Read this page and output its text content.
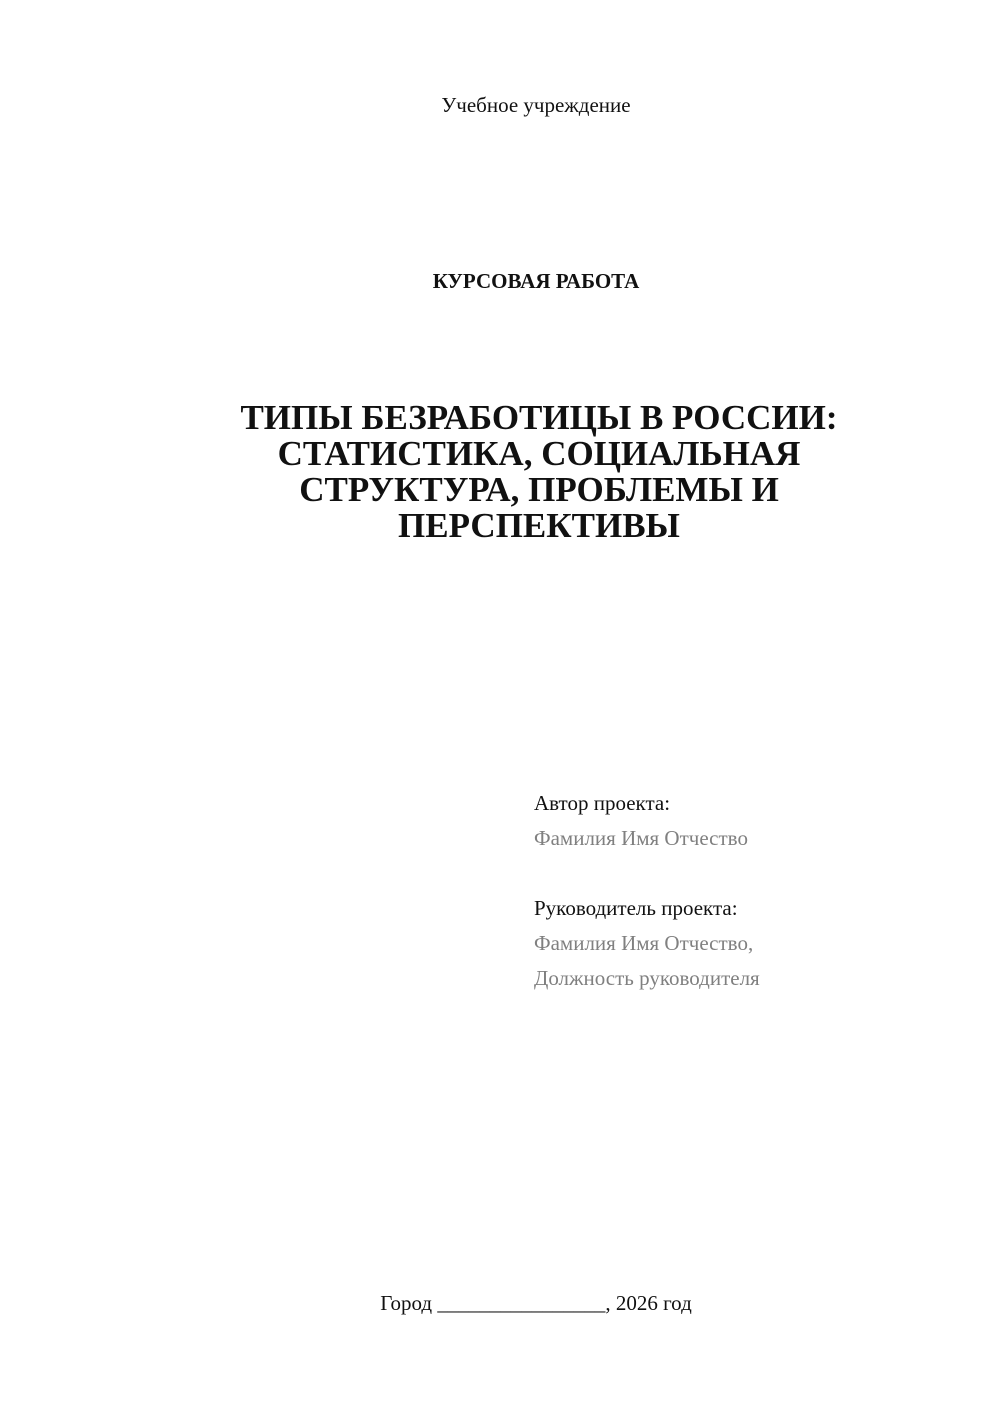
Учебное учреждение
КУРСОВАЯ РАБОТА
ТИПЫ БЕЗРАБОТИЦЫ В РОССИИ:
СТАТИСТИКА, СОЦИАЛЬНАЯ
СТРУКТУРА, ПРОБЛЕМЫ И
ПЕРСПЕКТИВЫ
Автор проекта:
Фамилия Имя Отчество
Руководитель проекта:
Фамилия Имя Отчество,
Должность руководителя
Город ________________, 2026 год
